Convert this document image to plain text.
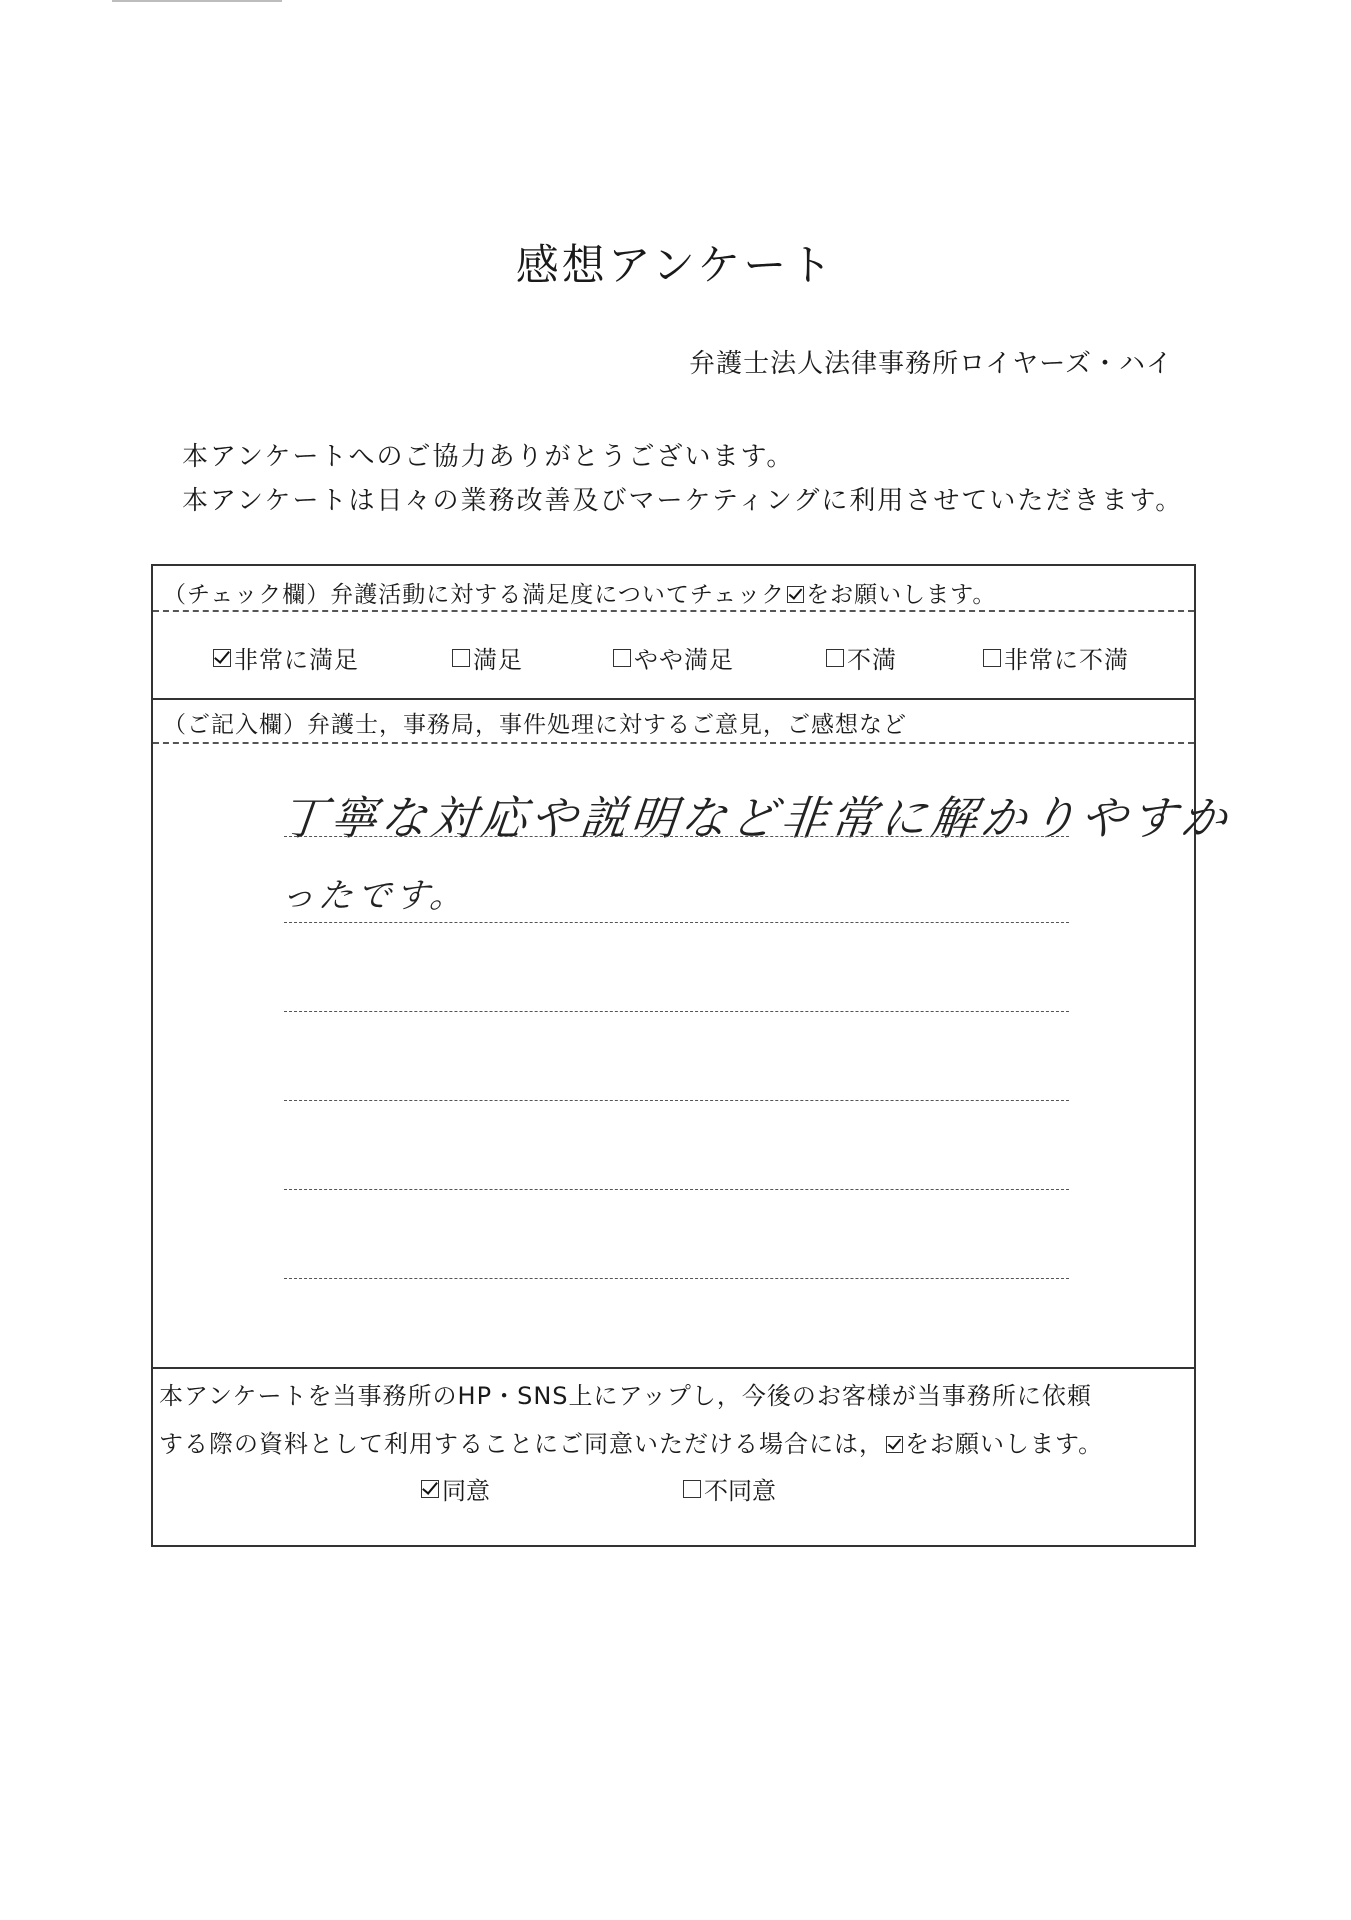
感想アンケート
弁護士法人法律事務所ロイヤーズ・ハイ
本アンケートへのご協力ありがとうございます。
本アンケートは日々の業務改善及びマーケティングに利用させていただきます。
（チェック欄）弁護活動に対する満足度についてチェック をお願いします。
非常に満足	満足	やや満足	不満	非常に不満
（ご記入欄）弁護士，事務局，事件処理に対するご意見，ご感想など
丁寧な対応や説明など非常に解かりやすか
ったです。
本アンケートを当事務所のHP・SNS上にアップし，今後のお客様が当事務所に依頼
する際の資料として利用することにご同意いただける場合には， をお願いします。
同意	不同意
